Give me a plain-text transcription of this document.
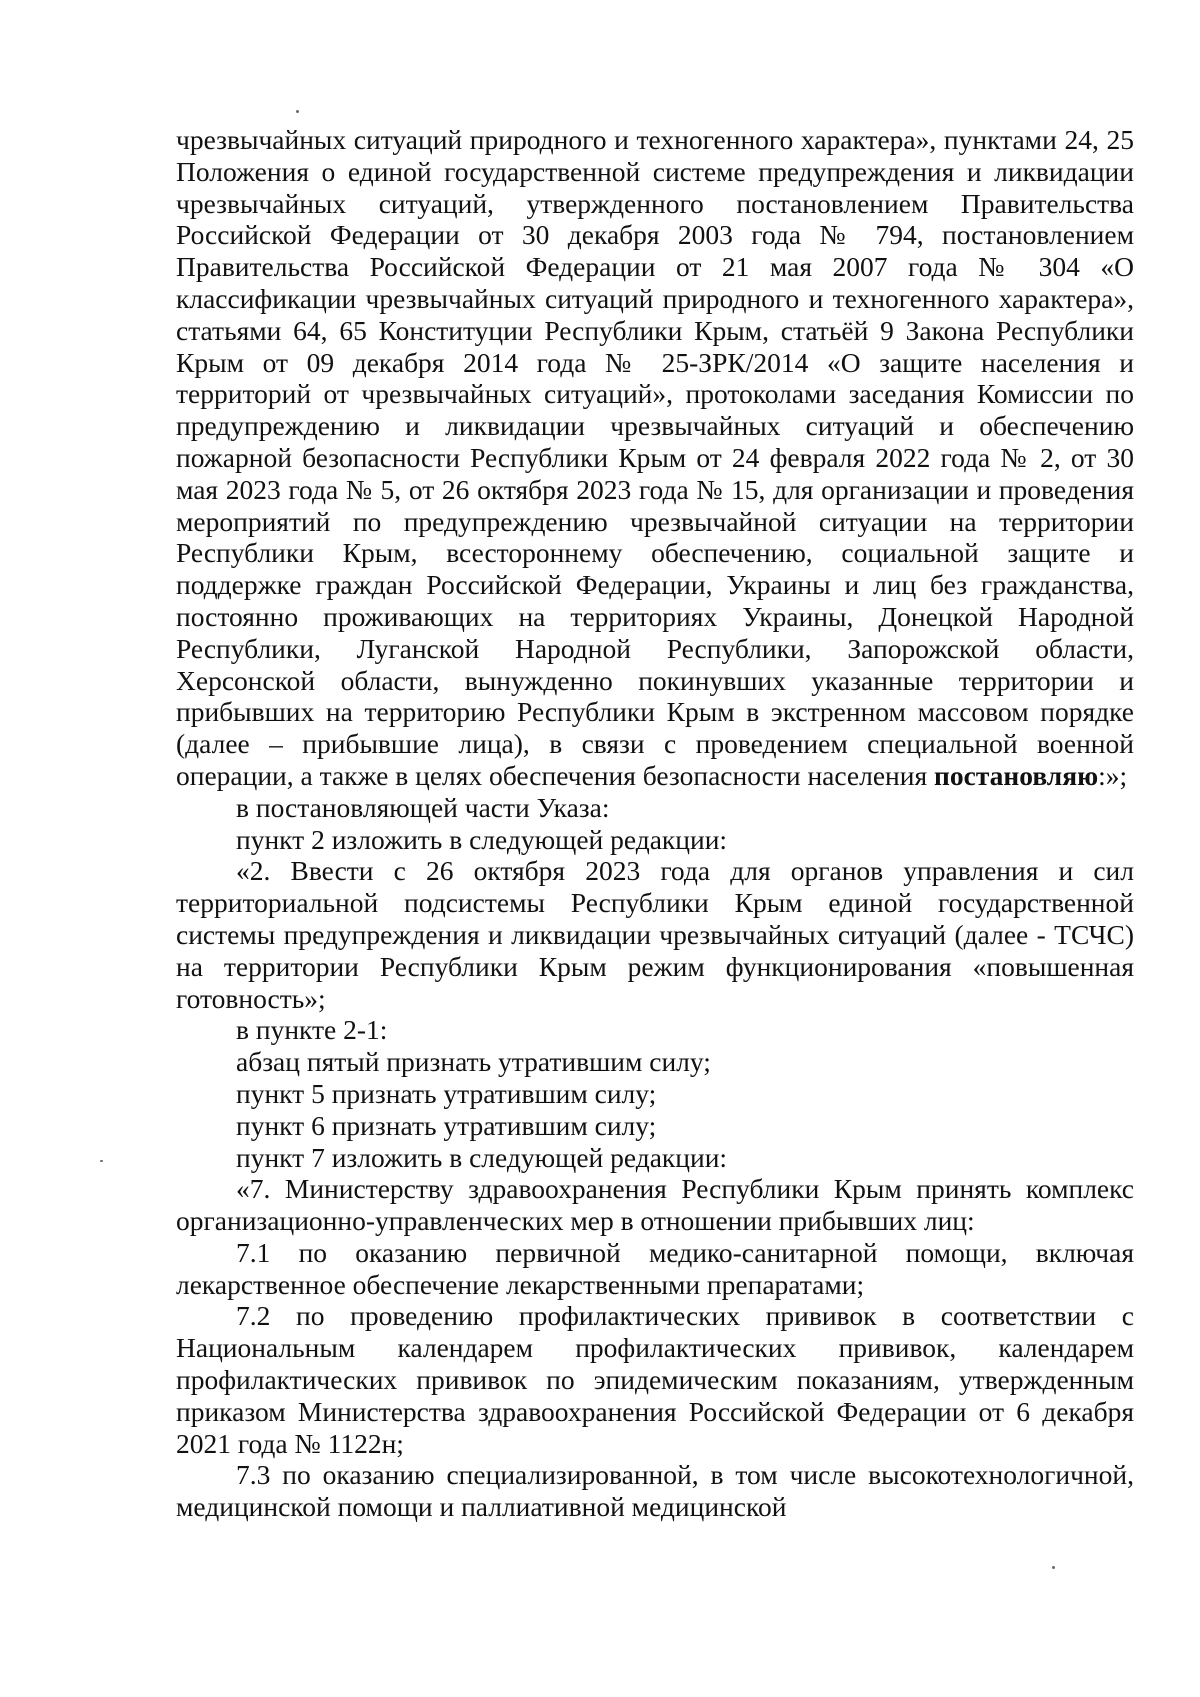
чрезвычайных ситуаций природного и техногенного характера», пунктами 24, 25 Положения о единой государственной системе предупреждения и ликвидации чрезвычайных ситуаций, утвержденного постановлением Правительства Российской Федерации от 30 декабря 2003 года № 794, постановлением Правительства Российской Федерации от 21 мая 2007 года № 304 «О классификации чрезвычайных ситуаций природного и техногенного характера», статьями 64, 65 Конституции Республики Крым, статьёй 9 Закона Республики Крым от 09 декабря 2014 года № 25-ЗРК/2014 «О защите населения и территорий от чрезвычайных ситуаций», протоколами заседания Комиссии по предупреждению и ликвидации чрезвычайных ситуаций и обеспечению пожарной безопасности Республики Крым от 24 февраля 2022 года № 2, от 30 мая 2023 года № 5, от 26 октября 2023 года № 15, для организации и проведения мероприятий по предупреждению чрезвычайной ситуации на территории Республики Крым, всестороннему обеспечению, социальной защите и поддержке граждан Российской Федерации, Украины и лиц без гражданства, постоянно проживающих на территориях Украины, Донецкой Народной Республики, Луганской Народной Республики, Запорожской области, Херсонской области, вынужденно покинувших указанные территории и прибывших на территорию Республики Крым в экстренном массовом порядке (далее – прибывшие лица), в связи с проведением специальной военной операции, а также в целях обеспечения безопасности населения постановляю:»;

в постановляющей части Указа:

пункт 2 изложить в следующей редакции:

«2. Ввести с 26 октября 2023 года для органов управления и сил территориальной подсистемы Республики Крым единой государственной системы предупреждения и ликвидации чрезвычайных ситуаций (далее - ТСЧС) на территории Республики Крым режим функционирования «повышенная готовность»;

в пункте 2-1:

абзац пятый признать утратившим силу;

пункт 5 признать утратившим силу;

пункт 6 признать утратившим силу;

пункт 7 изложить в следующей редакции:

«7. Министерству здравоохранения Республики Крым принять комплекс организационно-управленческих мер в отношении прибывших лиц:

7.1 по оказанию первичной медико-санитарной помощи, включая лекарственное обеспечение лекарственными препаратами;

7.2 по проведению профилактических прививок в соответствии с Национальным календарем профилактических прививок, календарем профилактических прививок по эпидемическим показаниям, утвержденным приказом Министерства здравоохранения Российской Федерации от 6 декабря 2021 года № 1122н;

7.3 по оказанию специализированной, в том числе высокотехнологичной, медицинской помощи и паллиативной медицинской
